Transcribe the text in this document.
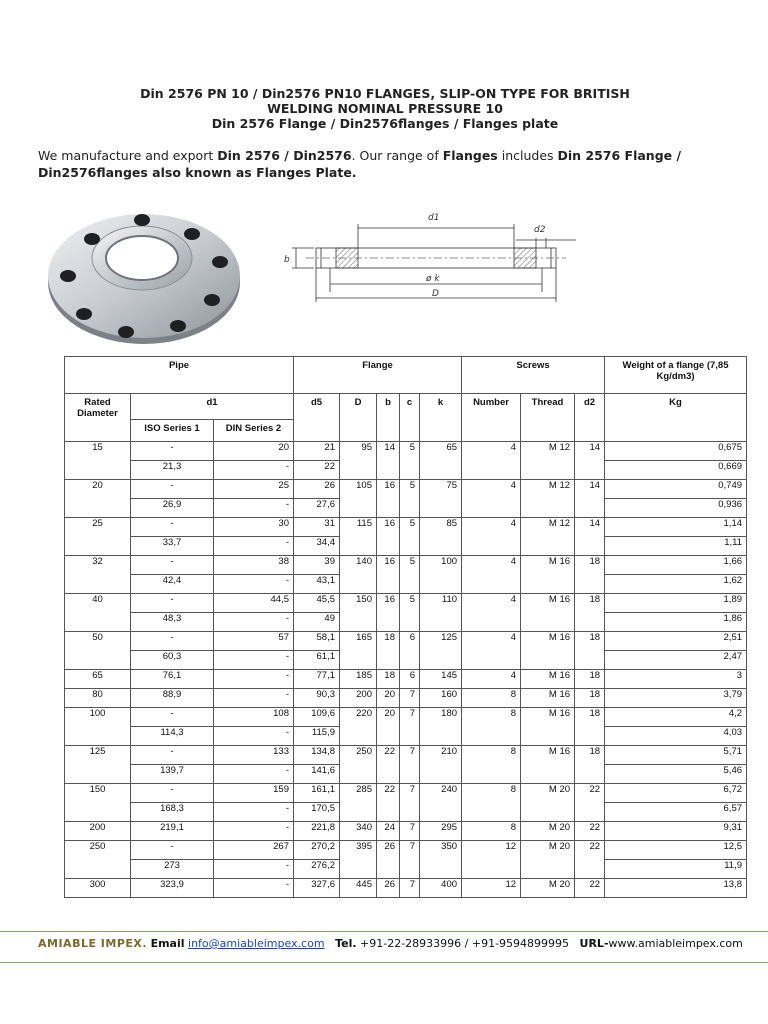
Din 2576 PN 10 / Din2576 PN10 FLANGES, SLIP-ON TYPE FOR BRITISH
WELDING NOMINAL PRESSURE 10
Din 2576 Flange / Din2576flanges / Flanges plate
We manufacture and export Din 2576 / Din2576. Our range of Flanges includes Din 2576 Flange / Din2576flanges also known as Flanges Plate.
d1
d2
b
ø k
D
Pipe			Flange					Screws			Weight of a flange (7,85 Kg/dm3)
Rated Diameter	d1		d5	D	b	c	k	Number	Thread	d2	Kg
	ISO Series 1	DIN Series 2									
15	-	20	21	95	14	5	65	4	M 12	14	0,675
	21,3	-	22								0,669
20	-	25	26	105	16	5	75	4	M 12	14	0,749
	26,9	-	27,6								0,936
25	-	30	31	115	16	5	85	4	M 12	14	1,14
	33,7	-	34,4								1,11
32	-	38	39	140	16	5	100	4	M 16	18	1,66
	42,4	-	43,1								1,62
40	-	44,5	45,5	150	16	5	110	4	M 16	18	1,89
	48,3	-	49								1,86
50	-	57	58,1	165	18	6	125	4	M 16	18	2,51
	60,3	-	61,1								2,47
65	76,1	-	77,1	185	18	6	145	4	M 16	18	3
80	88,9	-	90,3	200	20	7	160	8	M 16	18	3,79
100	-	108	109,6	220	20	7	180	8	M 16	18	4,2
	114,3	-	115,9								4,03
125	-	133	134,8	250	22	7	210	8	M 16	18	5,71
	139,7	-	141,6								5,46
150	-	159	161,1	285	22	7	240	8	M 20	22	6,72
	168,3	-	170,5								6,57
200	219,1	-	221,8	340	24	7	295	8	M 20	22	9,31
250	-	267	270,2	395	26	7	350	12	M 20	22	12,5
	273	-	276,2								11,9
300	323,9	-	327,6	445	26	7	400	12	M 20	22	13,8
AMIABLE IMPEX. Email info@amiableimpex.com Tel. +91-22-28933996 / +91-9594899995 URL-www.amiableimpex.com
